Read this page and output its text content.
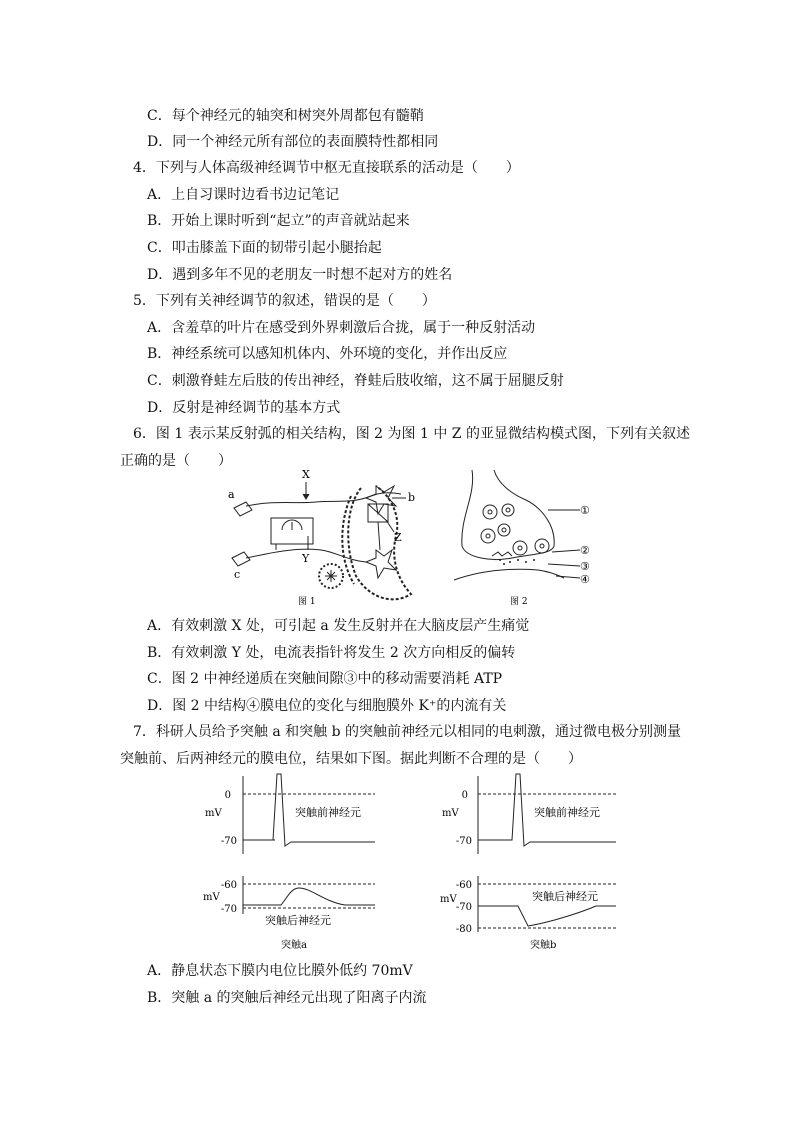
C．每个神经元的轴突和树突外周都包有髓鞘
D．同一个神经元所有部位的表面膜特性都相同
4．下列与人体高级神经调节中枢无直接联系的活动是（　　）
A．上自习课时边看书边记笔记
B．开始上课时听到“起立”的声音就站起来
C．叩击膝盖下面的韧带引起小腿抬起
D．遇到多年不见的老朋友一时想不起对方的姓名
5．下列有关神经调节的叙述，错误的是（　　）
A．含羞草的叶片在感受到外界刺激后合拢，属于一种反射活动
B．神经系统可以感知机体内、外环境的变化，并作出反应
C．刺激脊蛙左后肢的传出神经，脊蛙后肢收缩，这不属于屈腿反射
D．反射是神经调节的基本方式
6．图 1 表示某反射弧的相关结构，图 2 为图 1 中 Z 的亚显微结构模式图，下列有关叙述
正确的是（　　）
X
a	b
Z
Y
c
图 1
①
②
③
④
图 2
A．有效刺激 X 处，可引起 a 发生反射并在大脑皮层产生痛觉
B．有效刺激 Y 处，电流表指针将发生 2 次方向相反的偏转
C．图 2 中神经递质在突触间隙③中的移动需要消耗 ATP
D．图 2 中结构④膜电位的变化与细胞膜外 K⁺的内流有关
7．科研人员给予突触 a 和突触 b 的突触前神经元以相同的电刺激，通过微电极分别测量
突触前、后两神经元的膜电位，结果如下图。据此判断不合理的是（　　）
0
mV
-70
突触前神经元
-60
mV
-70
突触后神经元
突触a
0
mV
-70
突触前神经元
-60
mV
-70
-80
突触后神经元
突触b
A．静息状态下膜内电位比膜外低约 70mV
B．突触 a 的突触后神经元出现了阳离子内流
